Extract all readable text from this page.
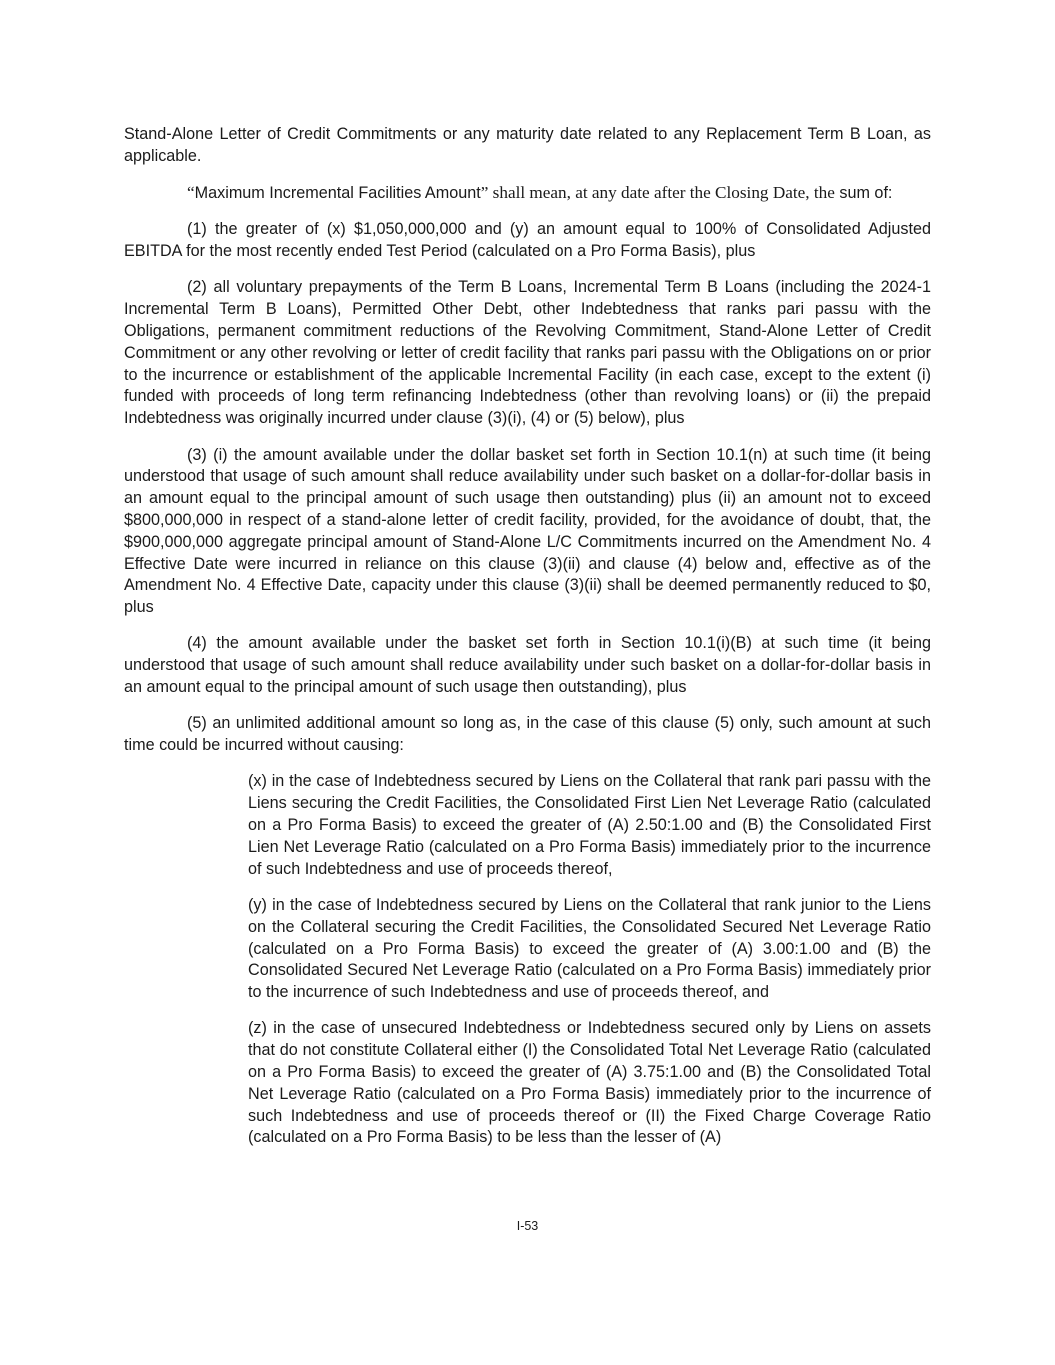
Stand-Alone Letter of Credit Commitments or any maturity date related to any Replacement Term B Loan, as applicable.

“Maximum Incremental Facilities Amount” shall mean, at any date after the Closing Date, the sum of:

(1) the greater of (x) $1,050,000,000 and (y) an amount equal to 100% of Consolidated Adjusted EBITDA for the most recently ended Test Period (calculated on a Pro Forma Basis), plus

(2) all voluntary prepayments of the Term B Loans, Incremental Term B Loans (including the 2024-1 Incremental Term B Loans), Permitted Other Debt, other Indebtedness that ranks pari passu with the Obligations, permanent commitment reductions of the Revolving Commitment, Stand-Alone Letter of Credit Commitment or any other revolving or letter of credit facility that ranks pari passu with the Obligations on or prior to the incurrence or establishment of the applicable Incremental Facility (in each case, except to the extent (i) funded with proceeds of long term refinancing Indebtedness (other than revolving loans) or (ii) the prepaid Indebtedness was originally incurred under clause (3)(i), (4) or (5) below), plus

(3) (i) the amount available under the dollar basket set forth in Section 10.1(n) at such time (it being understood that usage of such amount shall reduce availability under such basket on a dollar-for-dollar basis in an amount equal to the principal amount of such usage then outstanding) plus (ii) an amount not to exceed $800,000,000 in respect of a stand-alone letter of credit facility, provided, for the avoidance of doubt, that, the $900,000,000 aggregate principal amount of Stand-Alone L/C Commitments incurred on the Amendment No. 4 Effective Date were incurred in reliance on this clause (3)(ii) and clause (4) below and, effective as of the Amendment No. 4 Effective Date, capacity under this clause (3)(ii) shall be deemed permanently reduced to $0, plus

(4) the amount available under the basket set forth in Section 10.1(i)(B) at such time (it being understood that usage of such amount shall reduce availability under such basket on a dollar-for-dollar basis in an amount equal to the principal amount of such usage then outstanding), plus

(5) an unlimited additional amount so long as, in the case of this clause (5) only, such amount at such time could be incurred without causing:

(x) in the case of Indebtedness secured by Liens on the Collateral that rank pari passu with the Liens securing the Credit Facilities, the Consolidated First Lien Net Leverage Ratio (calculated on a Pro Forma Basis) to exceed the greater of (A) 2.50:1.00 and (B) the Consolidated First Lien Net Leverage Ratio (calculated on a Pro Forma Basis) immediately prior to the incurrence of such Indebtedness and use of proceeds thereof,

(y) in the case of Indebtedness secured by Liens on the Collateral that rank junior to the Liens on the Collateral securing the Credit Facilities, the Consolidated Secured Net Leverage Ratio (calculated on a Pro Forma Basis) to exceed the greater of (A) 3.00:1.00 and (B) the Consolidated Secured Net Leverage Ratio (calculated on a Pro Forma Basis) immediately prior to the incurrence of such Indebtedness and use of proceeds thereof, and

(z) in the case of unsecured Indebtedness or Indebtedness secured only by Liens on assets that do not constitute Collateral either (I) the Consolidated Total Net Leverage Ratio (calculated on a Pro Forma Basis) to exceed the greater of (A) 3.75:1.00 and (B) the Consolidated Total Net Leverage Ratio (calculated on a Pro Forma Basis) immediately prior to the incurrence of such Indebtedness and use of proceeds thereof or (II) the Fixed Charge Coverage Ratio (calculated on a Pro Forma Basis) to be less than the lesser of (A)

I-53
